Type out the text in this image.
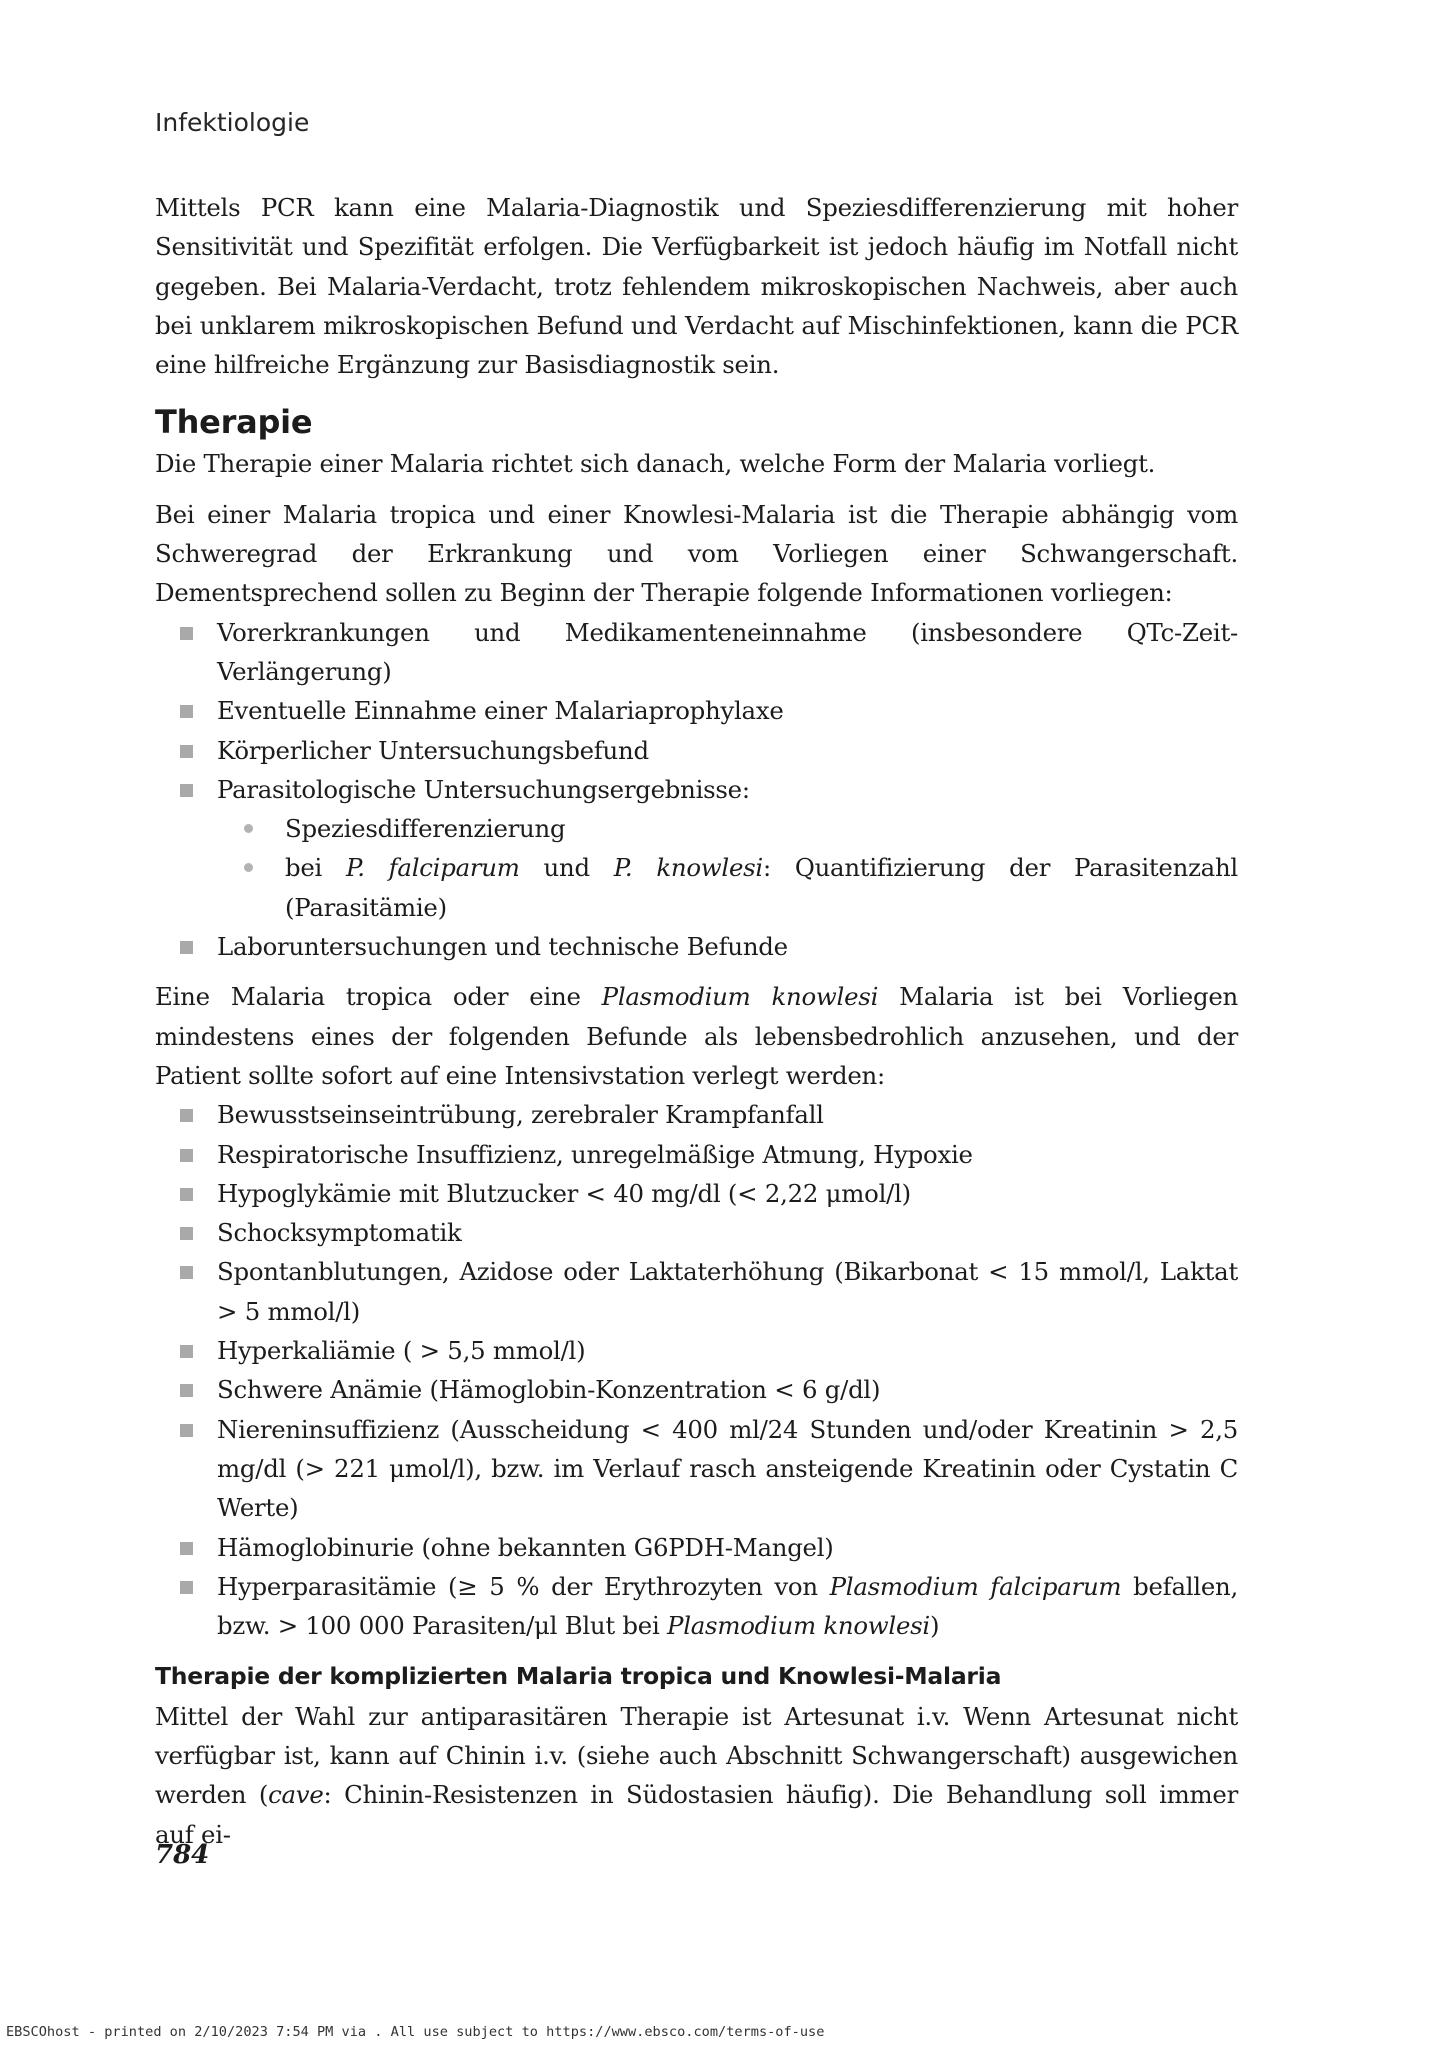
Infektiologie

Mittels PCR kann eine Malaria-Diagnostik und Speziesdifferenzierung mit hoher Sensitivität und Spezifität erfolgen. Die Verfügbarkeit ist jedoch häufig im Notfall nicht gegeben. Bei Malaria-Verdacht, trotz fehlendem mikroskopischen Nachweis, aber auch bei unklarem mikroskopischen Befund und Verdacht auf Mischinfektionen, kann die PCR eine hilfreiche Ergänzung zur Basisdiagnostik sein.

Therapie

Die Therapie einer Malaria richtet sich danach, welche Form der Malaria vorliegt.

Bei einer Malaria tropica und einer Knowlesi-Malaria ist die Therapie abhängig vom Schweregrad der Erkrankung und vom Vorliegen einer Schwangerschaft. Dementsprechend sollen zu Beginn der Therapie folgende Informationen vorliegen:

Vorerkrankungen und Medikamenteneinnahme (insbesondere QTc-Zeit-Verlängerung)
Eventuelle Einnahme einer Malariaprophylaxe
Körperlicher Untersuchungsbefund
Parasitologische Untersuchungsergebnisse:
Speziesdifferenzierung
bei P. falciparum und P. knowlesi: Quantifizierung der Parasitenzahl (Parasitämie)
Laboruntersuchungen und technische Befunde

Eine Malaria tropica oder eine Plasmodium knowlesi Malaria ist bei Vorliegen mindestens eines der folgenden Befunde als lebensbedrohlich anzusehen, und der Patient sollte sofort auf eine Intensivstation verlegt werden:

Bewusstseinseintrübung, zerebraler Krampfanfall
Respiratorische Insuffizienz, unregelmäßige Atmung, Hypoxie
Hypoglykämie mit Blutzucker < 40 mg/dl (< 2,22 μmol/l)
Schocksymptomatik
Spontanblutungen, Azidose oder Laktaterhöhung (Bikarbonat < 15 mmol/l, Laktat > 5 mmol/l)
Hyperkaliämie ( > 5,5 mmol/l)
Schwere Anämie (Hämoglobin-Konzentration < 6 g/dl)
Niereninsuffizienz (Ausscheidung < 400 ml/24 Stunden und/oder Kreatinin > 2,5 mg/dl (> 221 μmol/l), bzw. im Verlauf rasch ansteigende Kreatinin oder Cystatin C Werte)
Hämoglobinurie (ohne bekannten G6PDH-Mangel)
Hyperparasitämie (≥ 5 % der Erythrozyten von Plasmodium falciparum befallen, bzw. > 100 000 Parasiten/μl Blut bei Plasmodium knowlesi)
Therapie der komplizierten Malaria tropica und Knowlesi-Malaria

Mittel der Wahl zur antiparasitären Therapie ist Artesunat i.v. Wenn Artesunat nicht verfügbar ist, kann auf Chinin i.v. (siehe auch Abschnitt Schwangerschaft) ausgewichen werden (cave: Chinin-Resistenzen in Südostasien häufig). Die Behandlung soll immer auf ei-

784
EBSCOhost - printed on 2/10/2023 7:54 PM via . All use subject to https://www.ebsco.com/terms-of-use
